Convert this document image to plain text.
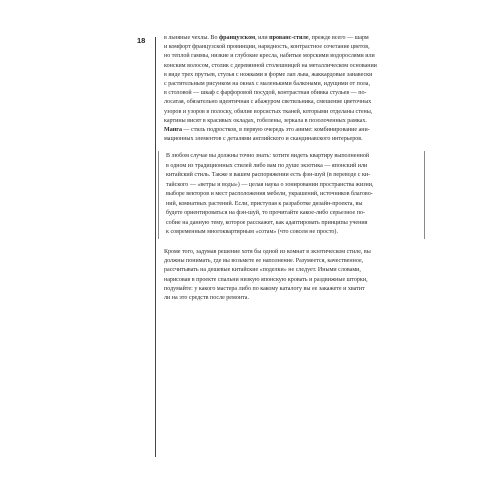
18	в льняные чехлы. Во французском, или прованс-стиле, прежде всего — шарм

и комфорт французской провинции, нарядность, контрастное сочетание цветов,

но теплой гаммы, низкие и глубокие кресла, набитые морскими водорослями или

конским волосом, столик с деревянной столешницей на металлическом основании

в виде трех прутьев, стулья с ножками в форме лап льва, жаккардовые занавески

с растительным рисунком на окнах с маленькими балконами, идущими от пола,

в столовой — шкаф с фарфоровой посудой, контрастная обивка стульев — по-

лосатая, обязательно идентичная с абажуром светильника, смешение цветочных

узоров и узоров в полоску, обилие ворсистых тканей, которыми отделаны стены,

картины висят в красивых окладах, гобелены, зеркала в позолоченных рамках.

Манга — стиль подростков, в первую очередь это аниме: комбинирование ани-

мационных элементов с деталями английского и скандинавского интерьеров.

В любом случае вы должны точно знать: хотите видеть квартиру выполненной

в одном из традиционных стилей либо вам по душе экзотика — японский или

китайский стиль. Также в вашем распоряжении есть фэн-шуй (в переводе с ки-

тайского — «ветры и воды») — целая наука о зонировании пространства жизни,

выборе векторов и мест расположения мебели, украшений, источников благово-

ний, комнатных растений. Если, приступая к разработке дизайн-проекта, вы

будете ориентироваться на фэн-шуй, то прочитайте какое-либо серьезное по-

собие на данную тему, которое расскажет, как адаптировать принципы учения

к современным многоквартирным «сотам» (что совсем не просто).

Кроме того, задумав решение хотя бы одной из комнат в экзотическом стиле, вы

должны понимать, где вы возьмете ее наполнение. Разумеется, качественное,

рассчитывать на дешевые китайские «поделки» не следует. Иными словами,

нарисовав в проекте спальни низкую японскую кровать и раздвижные шторки,

подумайте: у какого мастера либо по какому каталогу вы ее закажете и хватит

ли на это средств после ремонта.
